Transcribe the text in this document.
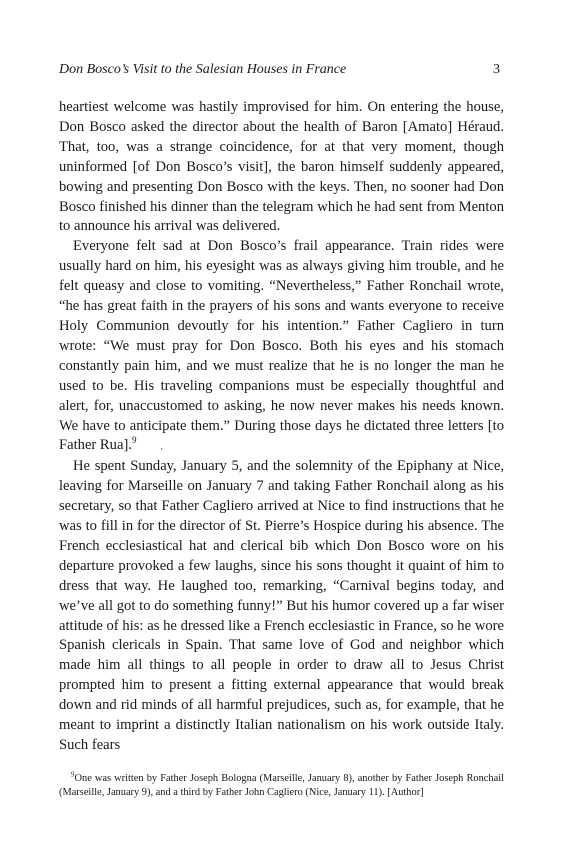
Don Bosco’s Visit to the Salesian Houses in France	3

heartiest welcome was hastily improvised for him. On entering the house, Don Bosco asked the director about the health of Baron [Amato] Héraud. That, too, was a strange coincidence, for at that very moment, though uninformed [of Don Bosco’s visit], the baron himself suddenly appeared, bowing and presenting Don Bosco with the keys. Then, no sooner had Don Bosco finished his dinner than the telegram which he had sent from Menton to announce his arrival was delivered.

Everyone felt sad at Don Bosco’s frail appearance. Train rides were usually hard on him, his eyesight was as always giving him trouble, and he felt queasy and close to vomiting. “Nevertheless,” Father Ronchail wrote, “he has great faith in the prayers of his sons and wants everyone to receive Holy Communion devoutly for his intention.” Father Cagliero in turn wrote: “We must pray for Don Bosco. Both his eyes and his stomach constantly pain him, and we must realize that he is no longer the man he used to be. His traveling companions must be especially thoughtful and alert, for, unaccustomed to asking, he now never makes his needs known. We have to anticipate them.” During those days he dictated three letters [to Father Rua].$^9$,

He spent Sunday, January 5, and the solemnity of the Epiphany at Nice, leaving for Marseille on January 7 and taking Father Ronchail along as his secretary, so that Father Cagliero arrived at Nice to find instructions that he was to fill in for the director of St. Pierre’s Hospice during his absence. The French ecclesiastical hat and clerical bib which Don Bosco wore on his departure provoked a few laughs, since his sons thought it quaint of him to dress that way. He laughed too, remarking, “Carnival begins today, and we’ve all got to do something funny!” But his humor covered up a far wiser attitude of his: as he dressed like a French ecclesiastic in France, so he wore Spanish clericals in Spain. That same love of God and neighbor which made him all things to all people in order to draw all to Jesus Christ prompted him to present a fitting external appearance that would break down and rid minds of all harmful prejudices, such as, for example, that he meant to imprint a distinctly Italian nationalism on his work outside Italy. Such fears

$^9$One was written by Father Joseph Bologna (Marseille, January 8), another by Father Joseph Ronchail (Marseille, January 9), and a third by Father John Cagliero (Nice, January 11). [Author]
